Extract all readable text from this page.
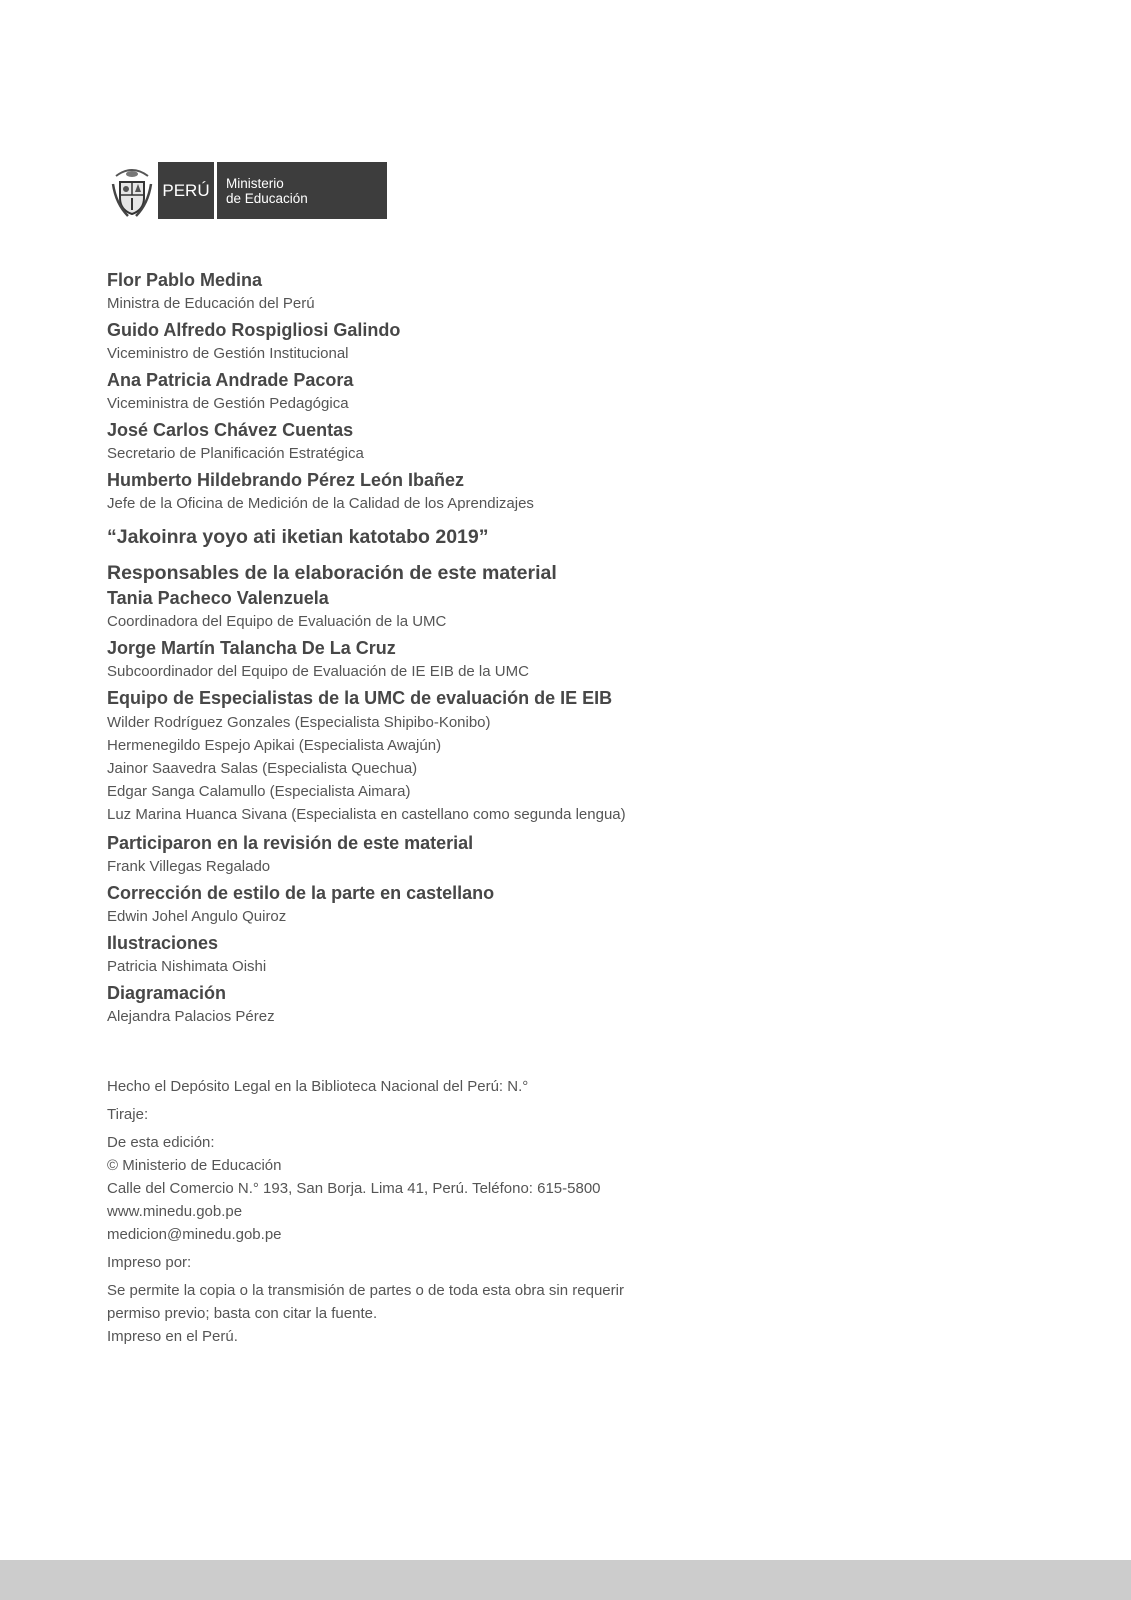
PERÚ	Ministerio
de Educación
Flor Pablo Medina
Ministra de Educación del Perú
Guido Alfredo Rospigliosi Galindo
Viceministro de Gestión Institucional
Ana Patricia Andrade Pacora
Viceministra de Gestión Pedagógica
José Carlos Chávez Cuentas
Secretario de Planificación Estratégica
Humberto Hildebrando Pérez León Ibañez
Jefe de la Oficina de Medición de la Calidad de los Aprendizajes
“Jakoinra yoyo ati iketian katotabo 2019”
Responsables de la elaboración de este material
Tania Pacheco Valenzuela
Coordinadora del Equipo de Evaluación de la UMC
Jorge Martín Talancha De La Cruz
Subcoordinador del Equipo de Evaluación de IE EIB de la UMC
Equipo de Especialistas de la UMC de evaluación de IE EIB
Wilder Rodríguez Gonzales (Especialista Shipibo-Konibo)
Hermenegildo Espejo Apikai (Especialista Awajún)
Jainor Saavedra Salas (Especialista Quechua)
Edgar Sanga Calamullo (Especialista Aimara)
Luz Marina Huanca Sivana (Especialista en castellano como segunda lengua)
Participaron en la revisión de este material
Frank Villegas Regalado
Corrección de estilo de la parte en castellano
Edwin Johel Angulo Quiroz
Ilustraciones
Patricia Nishimata Oishi
Diagramación
Alejandra Palacios Pérez
Hecho el Depósito Legal en la Biblioteca Nacional del Perú: N.°
Tiraje:
De esta edición:
© Ministerio de Educación
Calle del Comercio N.° 193, San Borja. Lima 41, Perú. Teléfono: 615-5800
www.minedu.gob.pe
medicion@minedu.gob.pe
Impreso por:
Se permite la copia o la transmisión de partes o de toda esta obra sin requerir
permiso previo; basta con citar la fuente.
Impreso en el Perú.
